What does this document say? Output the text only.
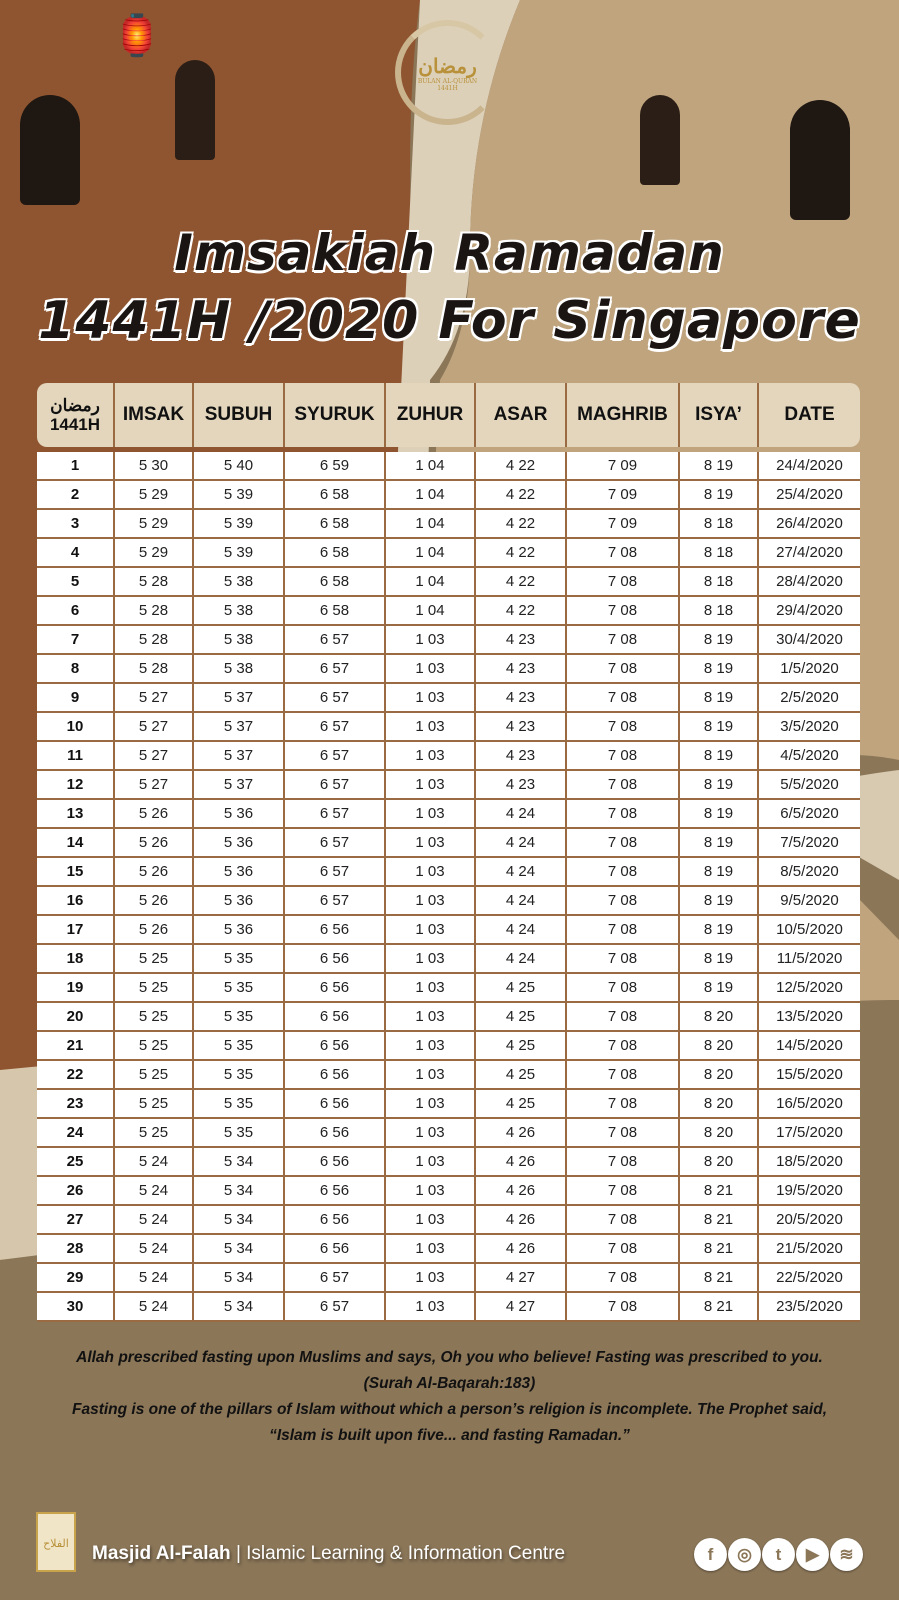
🏮
رمضان
BULAN AL-QURAN
1441H
Imsakiah Ramadan
1441H /2020 For Singapore
رمضان
1441H	IMSAK	SUBUH	SYURUK	ZUHUR	ASAR	MAGHRIB	ISYA’	DATE

1	5 30	5 40	6 59	1 04	4 22	7 09	8 19	24/4/2020
2	5 29	5 39	6 58	1 04	4 22	7 09	8 19	25/4/2020
3	5 29	5 39	6 58	1 04	4 22	7 09	8 18	26/4/2020
4	5 29	5 39	6 58	1 04	4 22	7 08	8 18	27/4/2020
5	5 28	5 38	6 58	1 04	4 22	7 08	8 18	28/4/2020
6	5 28	5 38	6 58	1 04	4 22	7 08	8 18	29/4/2020
7	5 28	5 38	6 57	1 03	4 23	7 08	8 19	30/4/2020
8	5 28	5 38	6 57	1 03	4 23	7 08	8 19	1/5/2020
9	5 27	5 37	6 57	1 03	4 23	7 08	8 19	2/5/2020
10	5 27	5 37	6 57	1 03	4 23	7 08	8 19	3/5/2020
11	5 27	5 37	6 57	1 03	4 23	7 08	8 19	4/5/2020
12	5 27	5 37	6 57	1 03	4 23	7 08	8 19	5/5/2020
13	5 26	5 36	6 57	1 03	4 24	7 08	8 19	6/5/2020
14	5 26	5 36	6 57	1 03	4 24	7 08	8 19	7/5/2020
15	5 26	5 36	6 57	1 03	4 24	7 08	8 19	8/5/2020
16	5 26	5 36	6 57	1 03	4 24	7 08	8 19	9/5/2020
17	5 26	5 36	6 56	1 03	4 24	7 08	8 19	10/5/2020
18	5 25	5 35	6 56	1 03	4 24	7 08	8 19	11/5/2020
19	5 25	5 35	6 56	1 03	4 25	7 08	8 19	12/5/2020
20	5 25	5 35	6 56	1 03	4 25	7 08	8 20	13/5/2020
21	5 25	5 35	6 56	1 03	4 25	7 08	8 20	14/5/2020
22	5 25	5 35	6 56	1 03	4 25	7 08	8 20	15/5/2020
23	5 25	5 35	6 56	1 03	4 25	7 08	8 20	16/5/2020
24	5 25	5 35	6 56	1 03	4 26	7 08	8 20	17/5/2020
25	5 24	5 34	6 56	1 03	4 26	7 08	8 20	18/5/2020
26	5 24	5 34	6 56	1 03	4 26	7 08	8 21	19/5/2020
27	5 24	5 34	6 56	1 03	4 26	7 08	8 21	20/5/2020
28	5 24	5 34	6 56	1 03	4 26	7 08	8 21	21/5/2020
29	5 24	5 34	6 57	1 03	4 27	7 08	8 21	22/5/2020
30	5 24	5 34	6 57	1 03	4 27	7 08	8 21	23/5/2020
Allah prescribed fasting upon Muslims and says, Oh you who believe! Fasting was prescribed to you.
(Surah Al-Baqarah:183)
Fasting is one of the pillars of Islam without which a person’s religion is incomplete. The Prophet said,
“Islam is built upon five... and fasting Ramadan.”
الفلاح	Masjid Al-Falah | Islamic Learning & Information Centre	f	◎	t	▶	≋
